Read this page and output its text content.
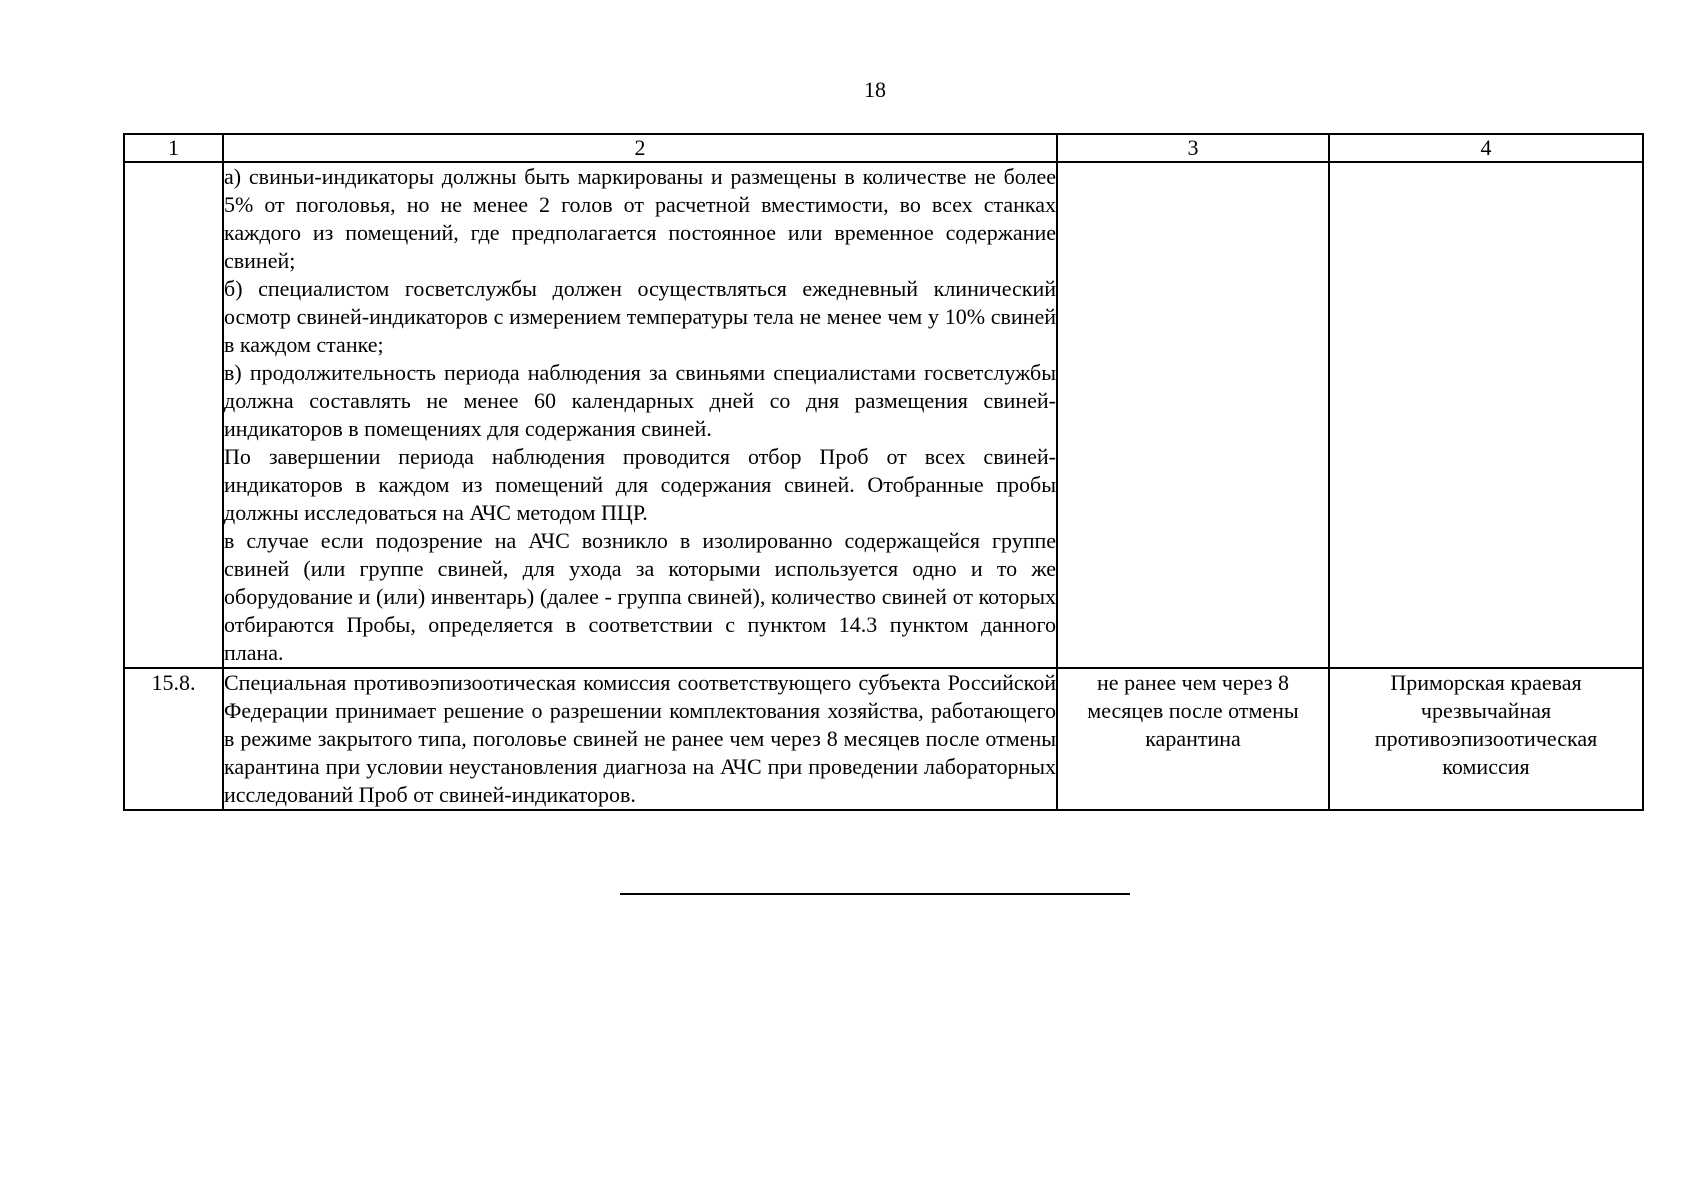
18
1	2	3	4

	а) свиньи-индикаторы должны быть маркированы и размещены в количестве не более 5% от поголовья, но не менее 2 голов от расчетной вместимости, во всех станках каждого из помещений, где предполагается постоянное или временное содержание свиней;

б) специалистом госветслужбы должен осуществляться ежедневный клинический осмотр свиней-индикаторов с измерением температуры тела не менее чем у 10% свиней в каждом станке;

в) продолжительность периода наблюдения за свиньями специалистами госветслужбы должна составлять не менее 60 календарных дней со дня размещения свиней-индикаторов в помещениях для содержания свиней.

По завершении периода наблюдения проводится отбор Проб от всех свиней-индикаторов в каждом из помещений для содержания свиней. Отобранные пробы должны исследоваться на АЧС методом ПЦР.

в случае если подозрение на АЧС возникло в изолированно содержащейся группе свиней (или группе свиней, для ухода за которыми используется одно и то же оборудование и (или) инвентарь) (далее - группа свиней), количество свиней от которых отбираются Пробы, определяется в соответствии с пунктом 14.3 пунктом данного плана.		

15.8.	Специальная противоэпизоотическая комиссия соответствующего субъекта Российской Федерации принимает решение о разрешении комплектования хозяйства, работающего в режиме закрытого типа, поголовье свиней не ранее чем через 8 месяцев после отмены карантина при условии неустановления диагноза на АЧС при проведении лабораторных исследований Проб от свиней-индикаторов.	не ранее чем через 8 месяцев после отмены карантина	Приморская краевая чрезвычайная противоэпизоотическая комиссия
